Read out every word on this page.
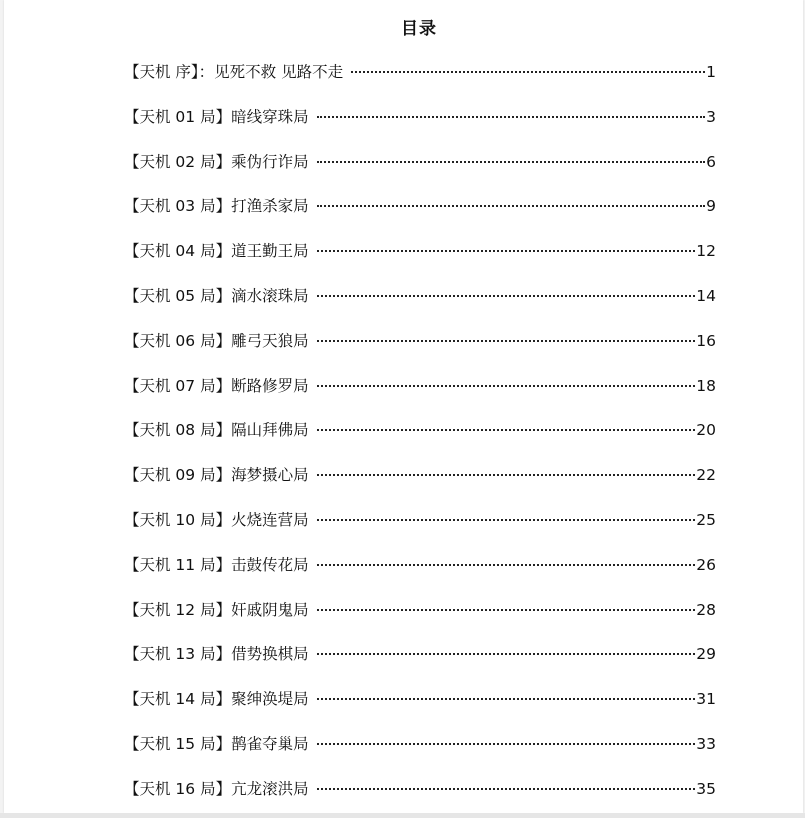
目录
【天机 序】：见死不救 见路不走	1
【天机 01 局】暗线穿珠局	3
【天机 02 局】乘伪行诈局	6
【天机 03 局】打渔杀家局	9
【天机 04 局】道王勤王局	12
【天机 05 局】滴水滚珠局	14
【天机 06 局】雕弓天狼局	16
【天机 07 局】断路修罗局	18
【天机 08 局】隔山拜佛局	20
【天机 09 局】海梦摄心局	22
【天机 10 局】火烧连营局	25
【天机 11 局】击鼓传花局	26
【天机 12 局】奸戚阴鬼局	28
【天机 13 局】借势换棋局	29
【天机 14 局】聚绅涣堤局	31
【天机 15 局】鹊雀夺巢局	33
【天机 16 局】亢龙滚洪局	35
